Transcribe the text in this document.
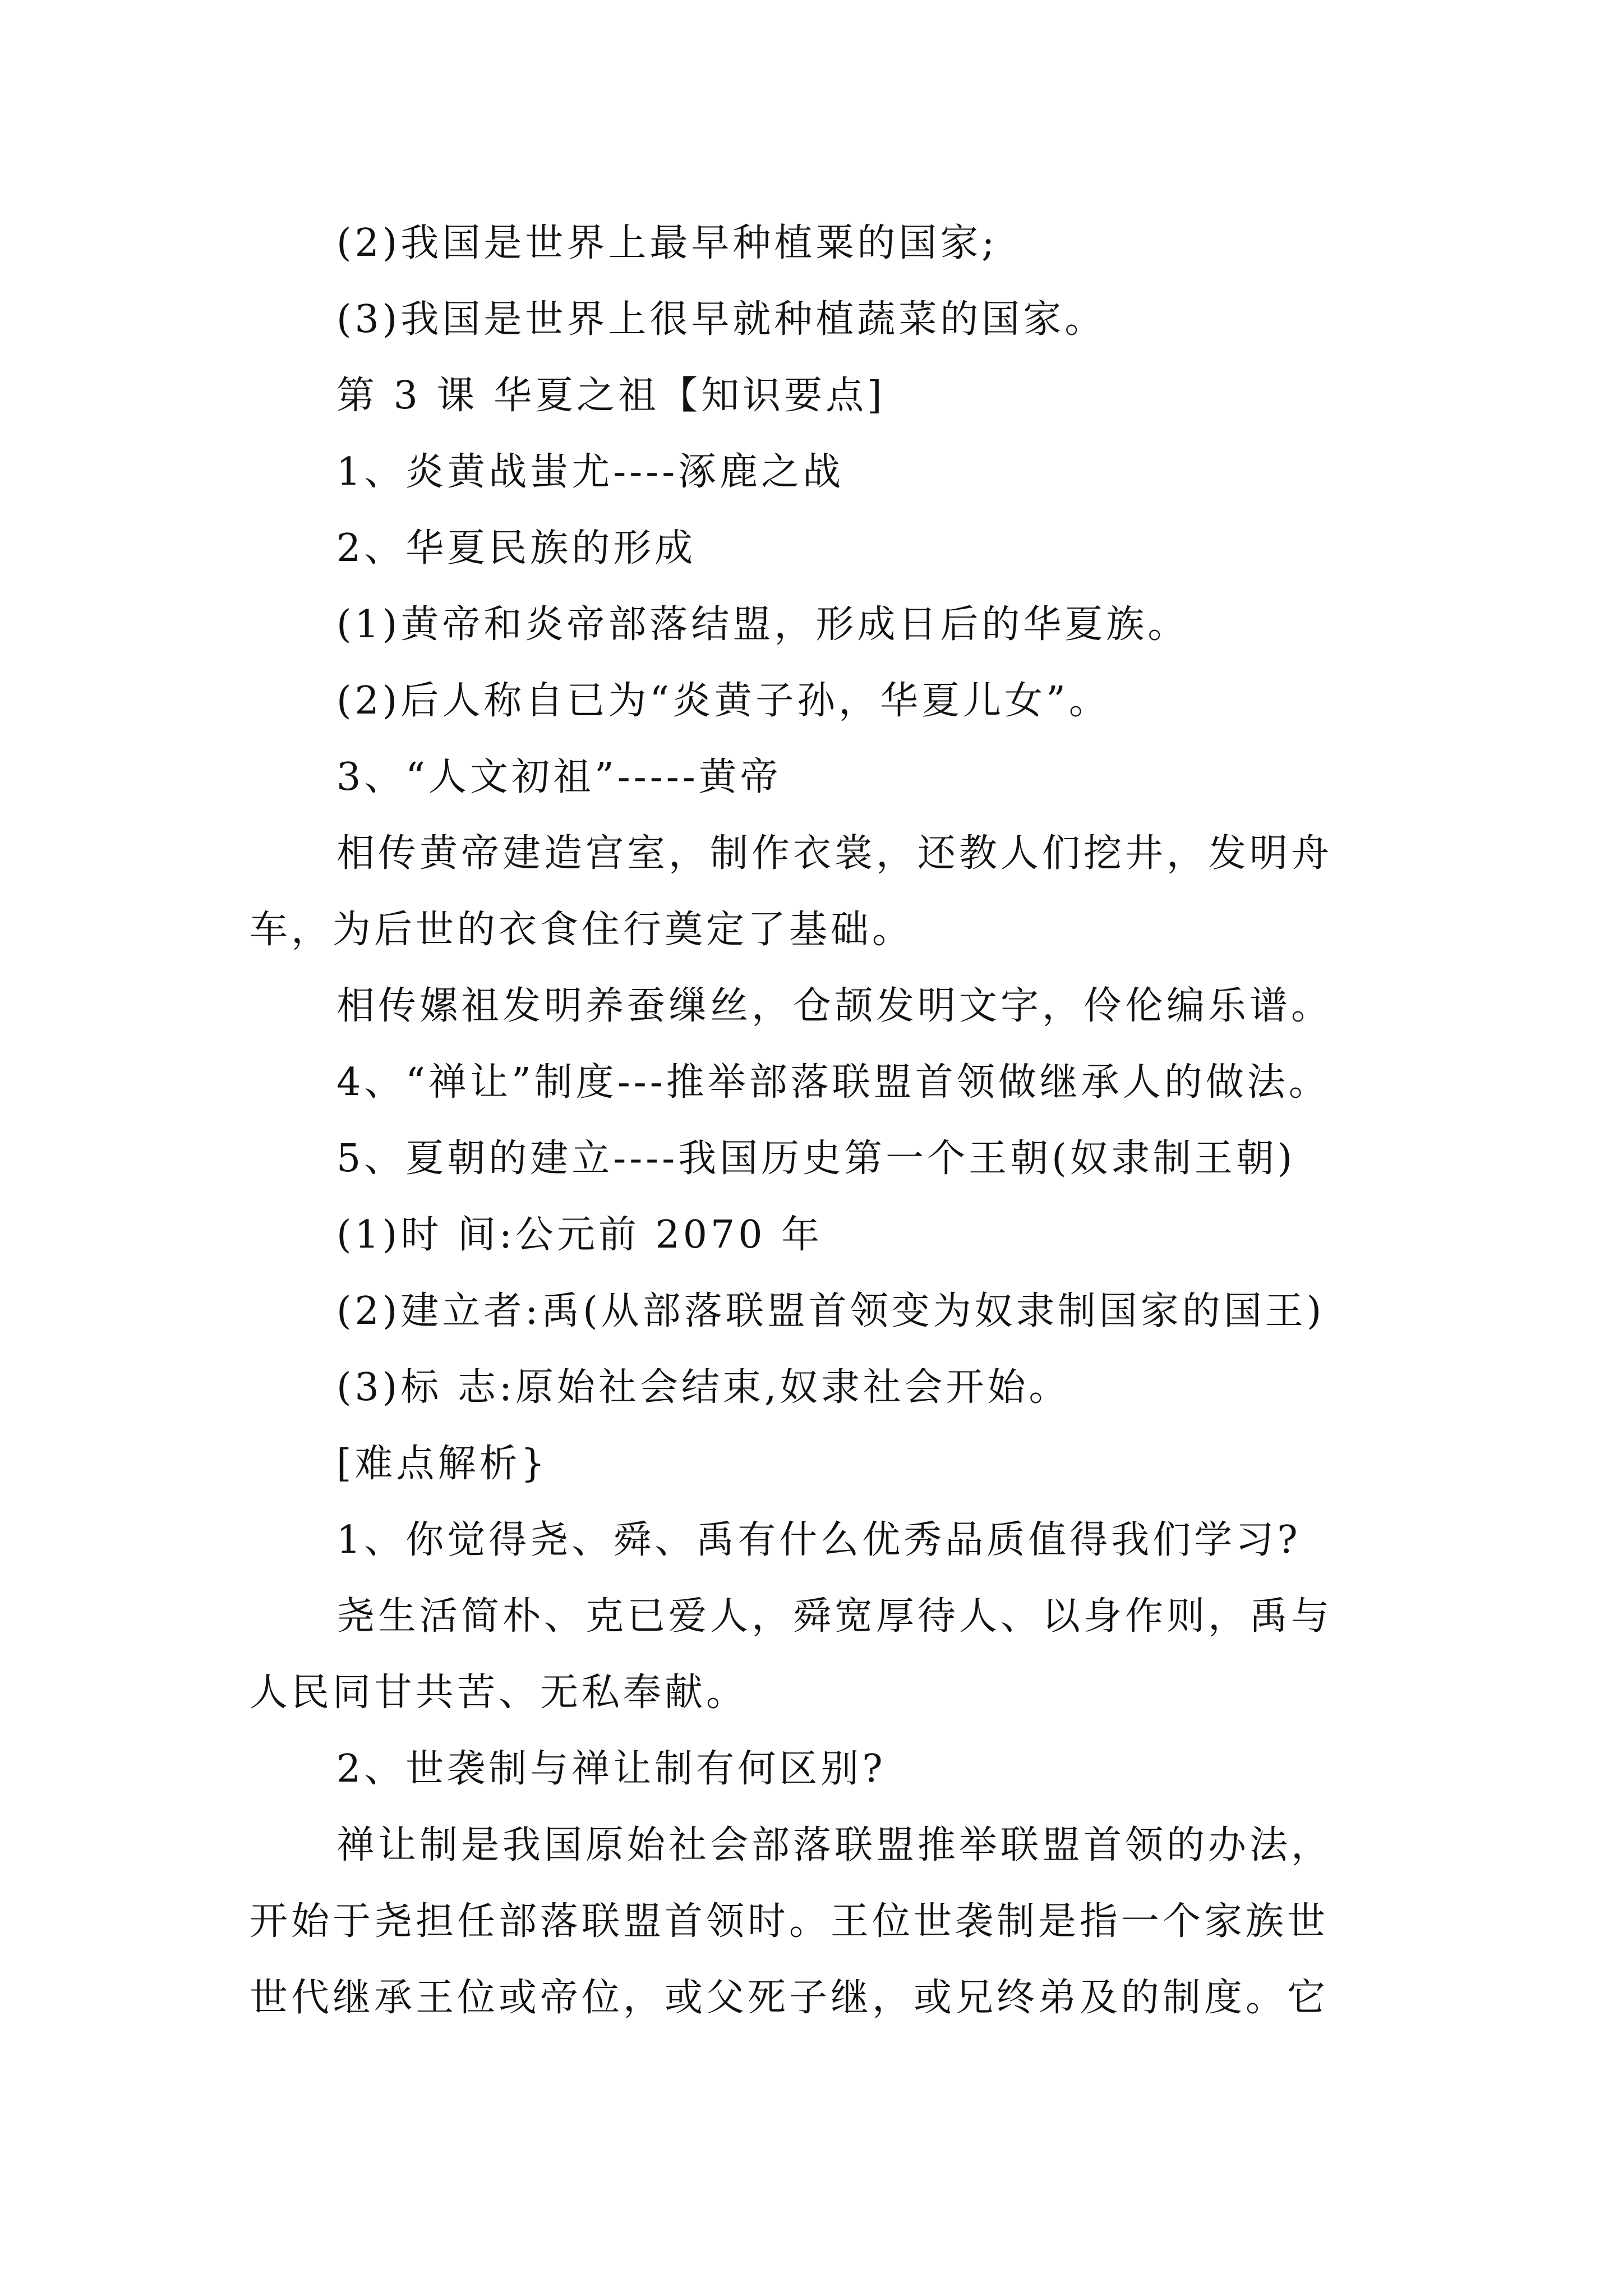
(2)我国是世界上最早种植粟的国家;
(3)我国是世界上很早就种植蔬菜的国家。
第 3 课 华夏之祖【知识要点]
1、炎黄战蚩尤----涿鹿之战
2、华夏民族的形成
(1)黄帝和炎帝部落结盟，形成日后的华夏族。
(2)后人称自已为“炎黄子孙，华夏儿女”。
3、“人文初祖”-----黄帝
相传黄帝建造宫室，制作衣裳，还教人们挖井，发明舟
车，为后世的衣食住行奠定了基础。
相传嫘祖发明养蚕缫丝，仓颉发明文字，伶伦编乐谱。
4、“禅让”制度---推举部落联盟首领做继承人的做法。
5、夏朝的建立----我国历史第一个王朝(奴隶制王朝)
(1)时 间:公元前 2070 年
(2)建立者:禹(从部落联盟首领变为奴隶制国家的国王)
(3)标 志:原始社会结束,奴隶社会开始。
[难点解析}
1、你觉得尧、舜、禹有什么优秀品质值得我们学习?
尧生活简朴、克已爱人，舜宽厚待人、以身作则，禹与
人民同甘共苦、无私奉献。
2、世袭制与禅让制有何区别?
禅让制是我国原始社会部落联盟推举联盟首领的办法，
开始于尧担任部落联盟首领时。王位世袭制是指一个家族世
世代继承王位或帝位，或父死子继，或兄终弟及的制度。它
